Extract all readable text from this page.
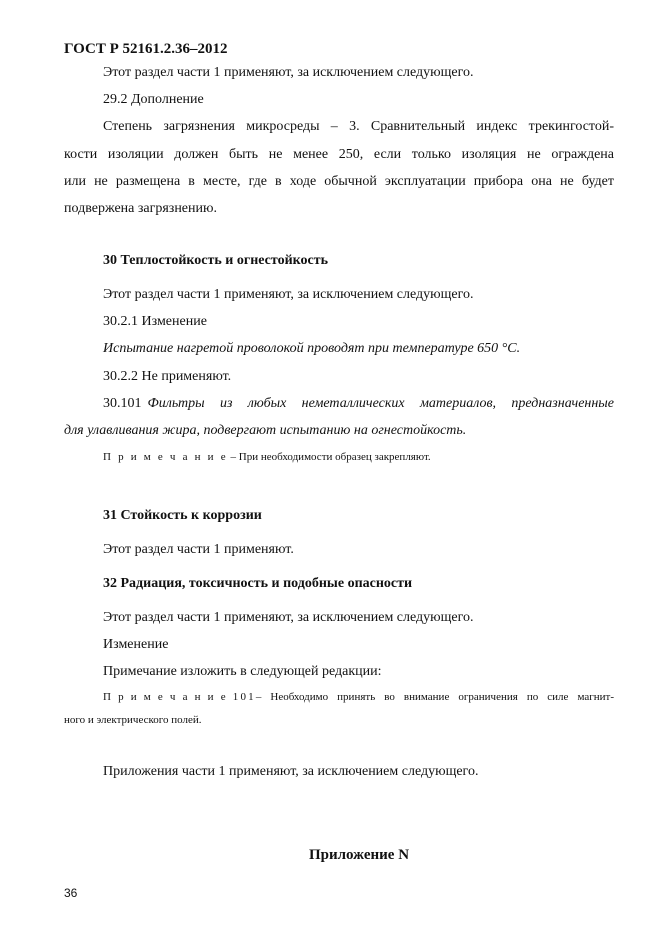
ГОСТ Р 52161.2.36–2012
Этот раздел части 1 применяют, за исключением следующего.
29.2 Дополнение
Степень загрязнения микросреды – 3. Сравнительный индекс трекингостой-
кости изоляции должен быть не менее 250, если только изоляция не ограждена
или не размещена в месте, где в ходе обычной эксплуатации прибора она не будет
подвержена загрязнению.
30 Теплостойкость и огнестойкость
Этот раздел части 1 применяют, за исключением следующего.
30.2.1 Изменение
Испытание нагретой проволокой проводят при температуре 650 °С.
30.2.2 Не применяют.
30.101 Фильтры из любых неметаллических материалов, предназначенные
для улавливания жира, подвергают испытанию на огнестойкость.
П р и м е ч а н и е – При необходимости образец закрепляют.
31 Стойкость к коррозии
Этот раздел части 1 применяют.
32 Радиация, токсичность и подобные опасности
Этот раздел части 1 применяют, за исключением следующего.
Изменение
Примечание изложить в следующей редакции:
П р и м е ч а н и е 101 – Необходимо принять во внимание ограничения по силе магнит-
ного и электрического полей.
Приложения части 1 применяют, за исключением следующего.
Приложение N
36
